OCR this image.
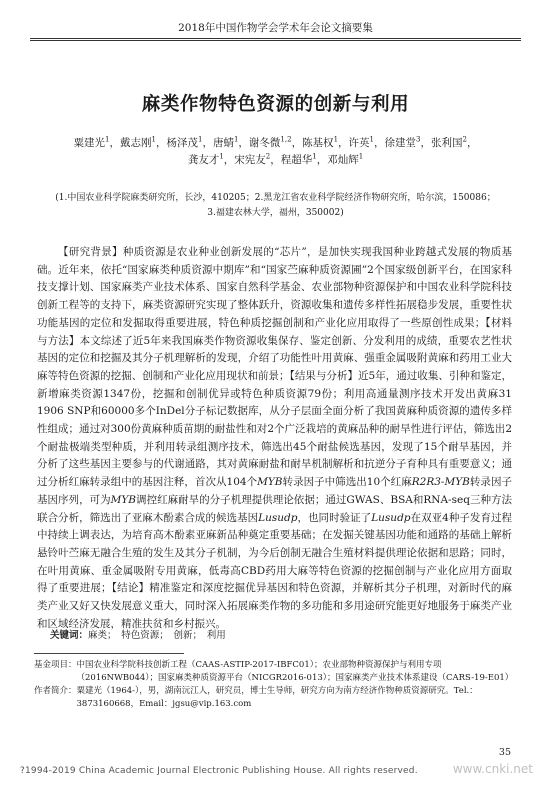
2018年中国作物学会学术年会论文摘要集
麻类作物特色资源的创新与利用
粟建光$^1$，戴志刚$^1$，杨泽茂$^1$，唐蜻$^1$，谢冬微$^{1,2}$，陈基权$^1$，许英$^1$，徐建堂$^3$，张利国$^2$，龚友才$^1$，宋宪友$^2$，程超华$^1$，邓灿辉$^1$
(1.中国农业科学院麻类研究所，长沙，410205；2.黑龙江省农业科学院经济作物研究所，哈尔滨，150086；
3.福建农林大学，福州，350002)
【研究背景】种质资源是农业种业创新发展的“芯片”，是加快实现我国种业跨越式发展的物质基础。近年来，依托“国家麻类种质资源中期库”和“国家苎麻种质资源圃”2个国家级创新平台，在国家科技支撑计划、国家麻类产业技术体系、国家自然科学基金、农业部物种资源保护和中国农业科学院科技创新工程等的支持下，麻类资源研究实现了整体跃升，资源收集和遗传多样性拓展稳步发展，重要性状功能基因的定位和发掘取得重要进展，特色种质挖掘创制和产业化应用取得了一些原创性成果；【材料与方法】本文综述了近5年来我国麻类作物资源收集保存、鉴定创新、分发利用的成绩，重要农艺性状基因的定位和挖掘及其分子机理解析的发现，介绍了功能性叶用黄麻、强重金属吸附黄麻和药用工业大麻等特色资源的挖掘、创制和产业化应用现状和前景；【结果与分析】近5年，通过收集、引种和鉴定，新增麻类资源1347份，挖掘和创制优异或特色种质资源79份；利用高通量测序技术开发出黄麻31 1906 SNP和60000多个InDel分子标记数据库，从分子层面全面分析了我国黄麻种质资源的遗传多样性组成；通过对300份黄麻种质苗期的耐盐性和对2个广泛栽培的黄麻品种的耐旱性进行评估，筛选出2个耐盐极端类型种质，并利用转录组测序技术，筛选出45个耐盐候选基因，发现了15个耐旱基因，并分析了这些基因主要参与的代谢通路，其对黄麻耐盐和耐旱机制解析和抗逆分子育种具有重要意义；通过分析红麻转录组中的基因注释，首次从104个MYB转录因子中筛选出10个红麻R2R3-MYB转录因子基因序列，可为MYB调控红麻耐旱的分子机理提供理论依据；通过GWAS、BSA和RNA-seq三种方法联合分析，筛选出了亚麻木酚素合成的候选基因Lusudp，也同时验证了Lusudp在双亚4种子发育过程中持续上调表达，为培育高木酚素亚麻新品种奠定重要基础；在发掘关键基因功能和通路的基础上解析悬铃叶苎麻无融合生殖的发生及其分子机制，为今后创制无融合生殖材料提供理论依据和思路；同时，在叶用黄麻、重金属吸附专用黄麻，低毒高CBD药用大麻等特色资源的挖掘创制与产业化应用方面取得了重要进展；【结论】精准鉴定和深度挖掘优异基因和特色资源，并解析其分子机理，对新时代的麻类产业又好又快发展意义重大，同时深入拓展麻类作物的多功能和多用途研究能更好地服务于麻类产业和区域经济发展，精准扶贫和乡村振兴。
关键词：麻类；　特色资源；　创新；　利用
基金项目： 中国农业科学院科技创新工程（CAAS-ASTIP-2017-IBFC01）；农业部物种资源保护与利用专项（2016NWB044）；国家麻类种质资源平台（NICGR2016-013）；国家麻类产业技术体系建设（CARS-19-E01）
作者简介： 粟建光（1964-），男，湖南沅江人，研究员，博士生导师，研究方向为南方经济作物种质资源研究。Tel.：3873160668，Email：jgsu@vip.163.com
35
?1994-2019 China Academic Journal Electronic Publishing House. All rights reserved.	www.cnki.net
